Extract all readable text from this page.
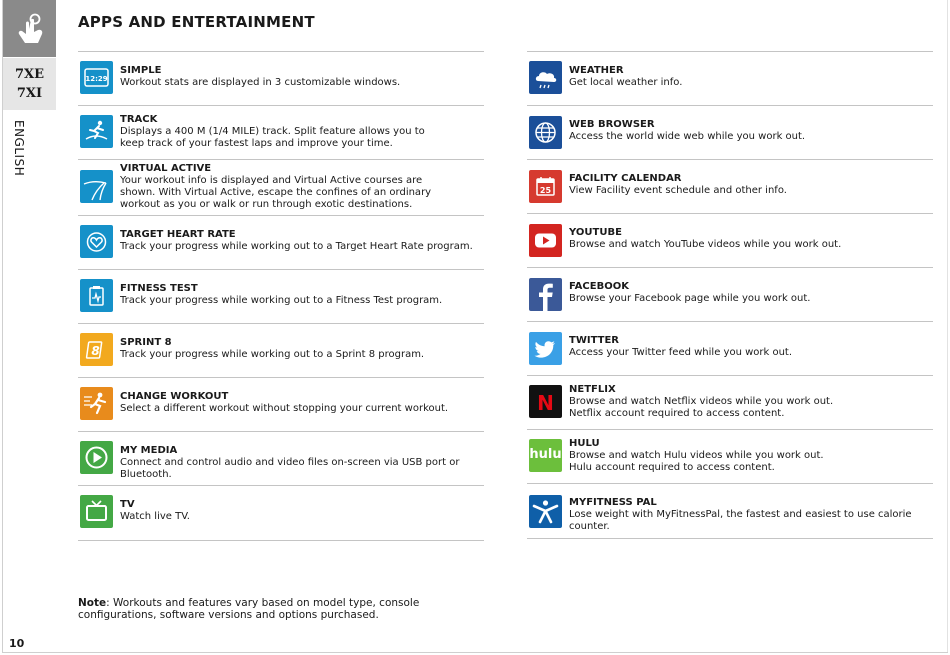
7XE
7XI
ENGLISH
10
APPS AND ENTERTAINMENT
12:29
SIMPLE
Workout stats are displayed in 3 customizable windows.
TRACK
Displays a 400 M (1/4 MILE) track. Split feature allows you to
keep track of your fastest laps and improve your time.
VIRTUAL ACTIVE
Your workout info is displayed and Virtual Active courses are
shown. With Virtual Active, escape the confines of an ordinary
workout as you or walk or run through exotic destinations.
TARGET HEART RATE
Track your progress while working out to a Target Heart Rate program.
FITNESS TEST
Track your progress while working out to a Fitness Test program.
8
SPRINT 8
Track your progress while working out to a Sprint 8 program.
CHANGE WORKOUT
Select a different workout without stopping your current workout.
MY MEDIA
Connect and control audio and video files on-screen via USB port or Bluetooth.
TV
Watch live TV.
WEATHER
Get local weather info.
WEB BROWSER
Access the world wide web while you work out.
25
FACILITY CALENDAR
View Facility event schedule and other info.
YOUTUBE
Browse and watch YouTube videos while you work out.
FACEBOOK
Browse your Facebook page while you work out.
TWITTER
Access your Twitter feed while you work out.
N
NETFLIX
Browse and watch Netflix videos while you work out.
Netflix account required to access content.
hulu
HULU
Browse and watch Hulu videos while you work out.
Hulu account required to access content.
MYFITNESS PAL
Lose weight with MyFitnessPal, the fastest and easiest to use calorie counter.
Note: Workouts and features vary based on model type, console
configurations, software versions and options purchased.
